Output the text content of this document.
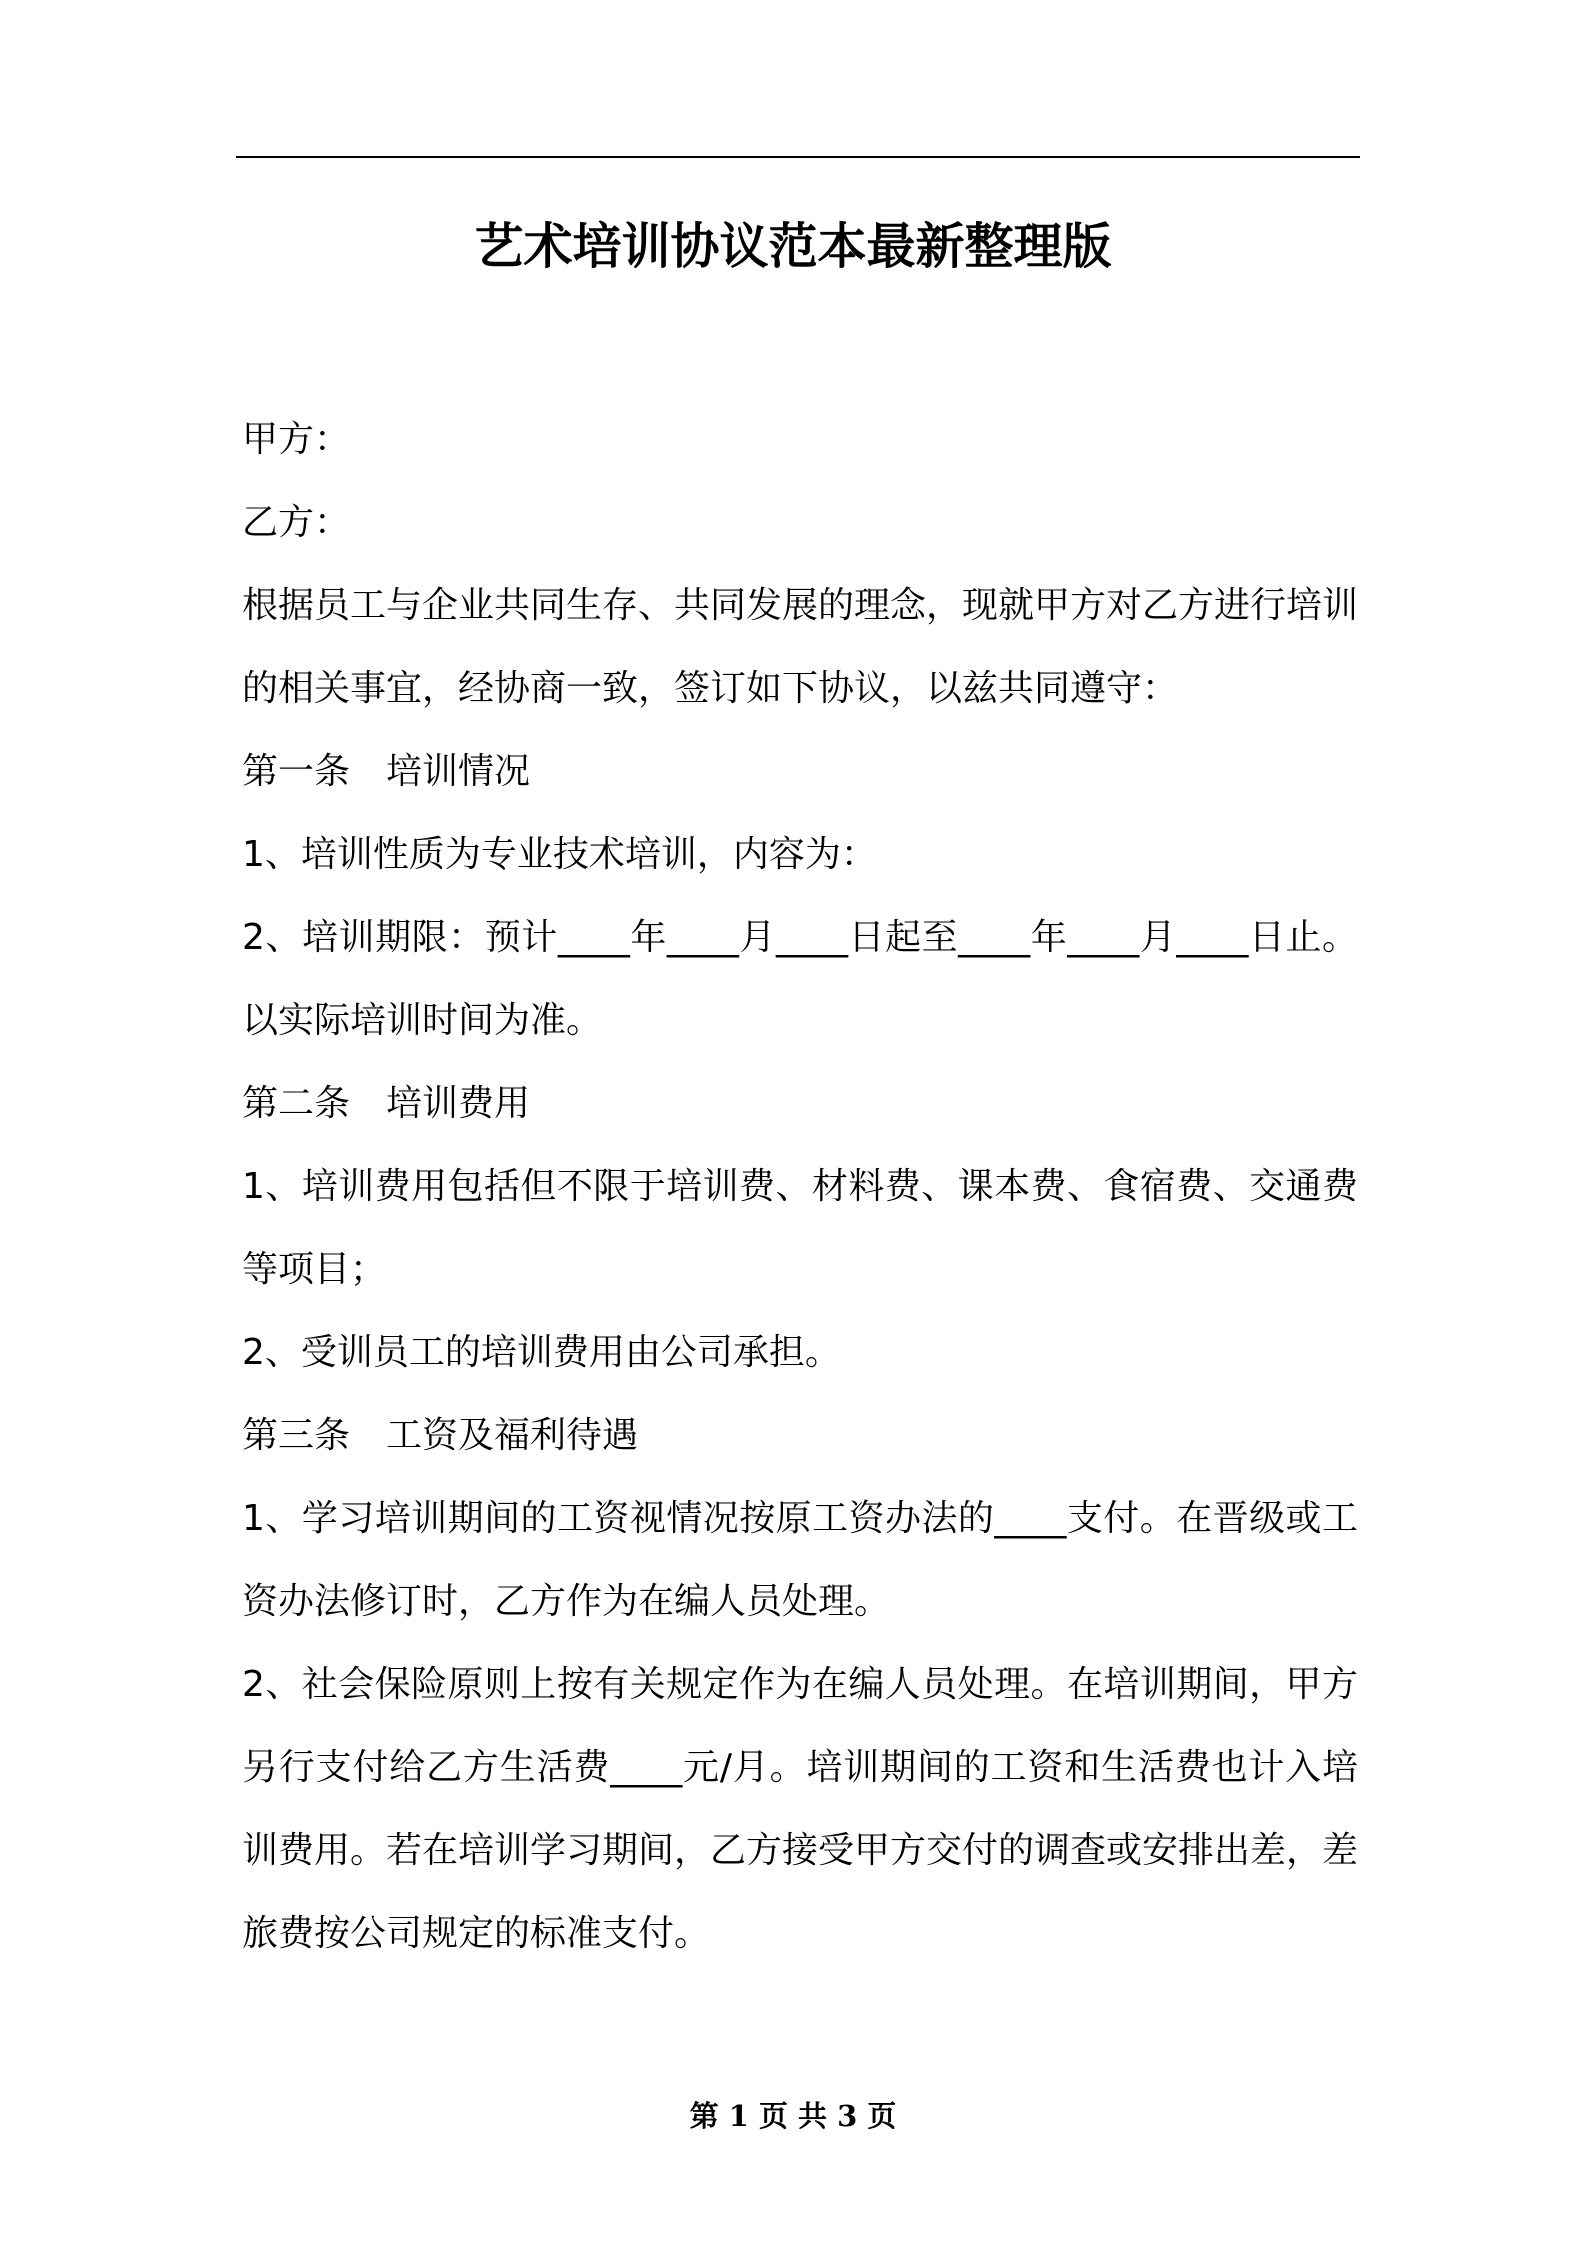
艺术培训协议范本最新整理版

甲方：

乙方：

根据员工与企业共同生存、共同发展的理念，现就甲方对乙方进行培训的相关事宜，经协商一致，签订如下协议，以兹共同遵守：

第一条　培训情况

1、培训性质为专业技术培训，内容为：

2、培训期限：预计____年____月____日起至____年____月____日止。以实际培训时间为准。

第二条　培训费用

1、培训费用包括但不限于培训费、材料费、课本费、食宿费、交通费等项目；

2、受训员工的培训费用由公司承担。

第三条　工资及福利待遇

1、学习培训期间的工资视情况按原工资办法的____支付。在晋级或工资办法修订时，乙方作为在编人员处理。

2、社会保险原则上按有关规定作为在编人员处理。在培训期间，甲方另行支付给乙方生活费____元/月。培训期间的工资和生活费也计入培训费用。若在培训学习期间，乙方接受甲方交付的调查或安排出差，差旅费按公司规定的标准支付。

第 1 页 共 3 页
